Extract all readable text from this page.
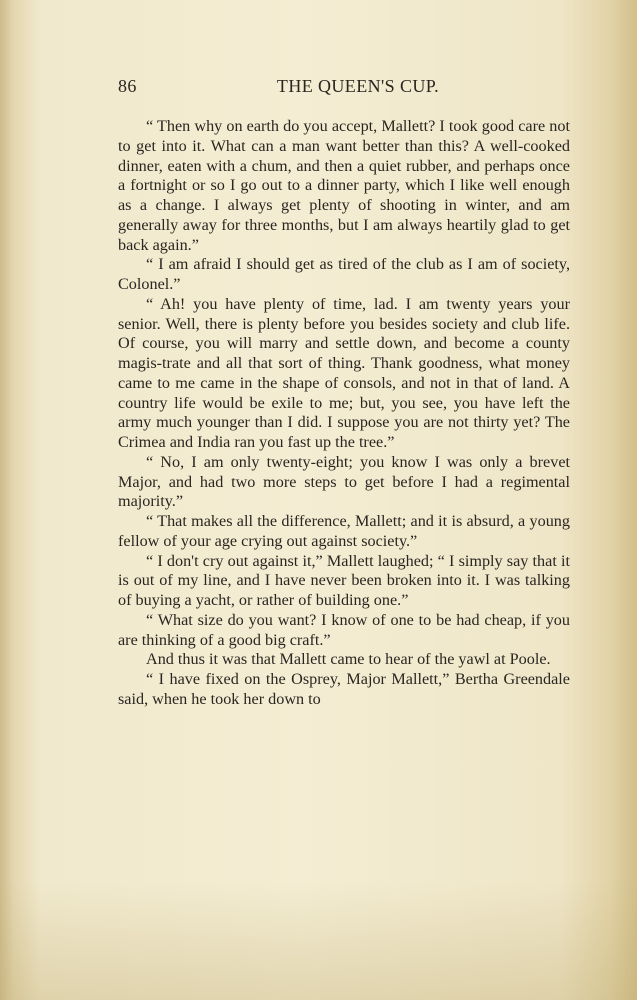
86	THE QUEEN'S CUP.

“ Then why on earth do you accept, Mallett? I took good care not to get into it. What can a man want better than this? A well-cooked dinner, eaten with a chum, and then a quiet rubber, and perhaps once a fortnight or so I go out to a dinner party, which I like well enough as a change. I always get plenty of shooting in winter, and am generally away for three months, but I am always heartily glad to get back again.”

“ I am afraid I should get as tired of the club as I am of society, Colonel.”

“ Ah! you have plenty of time, lad. I am twenty years your senior. Well, there is plenty before you besides society and club life. Of course, you will marry and settle down, and become a county magis-trate and all that sort of thing. Thank goodness, what money came to me came in the shape of consols, and not in that of land. A country life would be exile to me; but, you see, you have left the army much younger than I did. I suppose you are not thirty yet? The Crimea and India ran you fast up the tree.”

“ No, I am only twenty-eight; you know I was only a brevet Major, and had two more steps to get before I had a regimental majority.”

“ That makes all the difference, Mallett; and it is absurd, a young fellow of your age crying out against society.”

“ I don't cry out against it,” Mallett laughed; “ I simply say that it is out of my line, and I have never been broken into it. I was talking of buying a yacht, or rather of building one.”

“ What size do you want? I know of one to be had cheap, if you are thinking of a good big craft.”

And thus it was that Mallett came to hear of the yawl at Poole.

“ I have fixed on the Osprey, Major Mallett,” Bertha Greendale said, when he took her down to
